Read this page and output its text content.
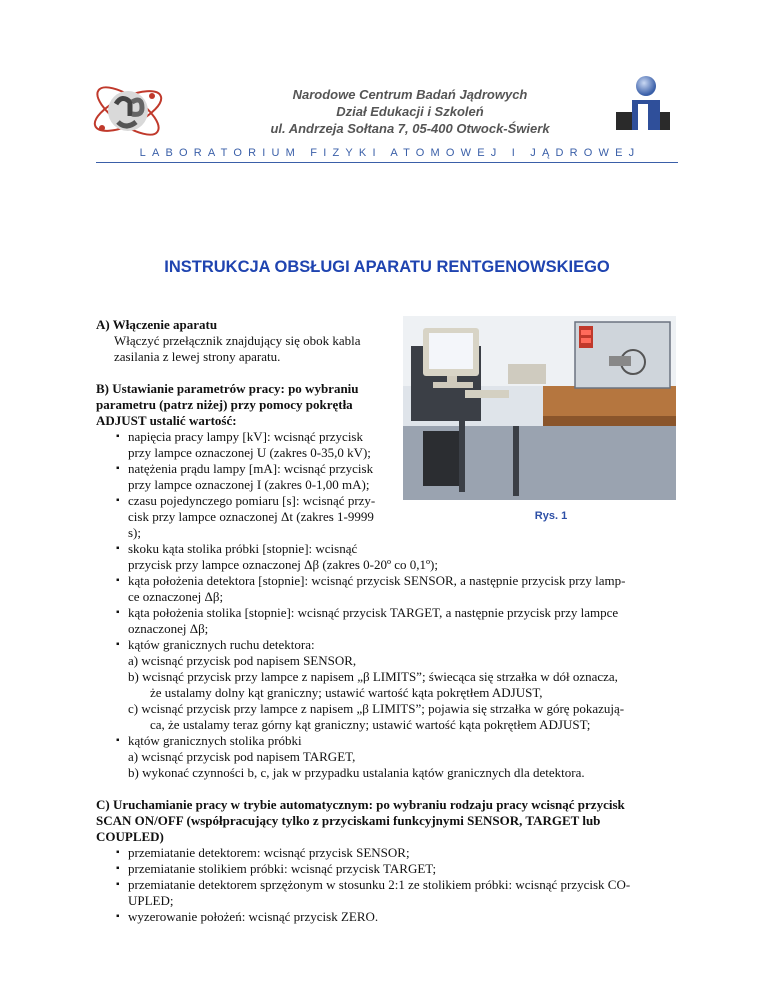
Narodowe Centrum Badań Jądrowych
Dział Edukacji i Szkoleń
ul. Andrzeja Sołtana 7, 05-400 Otwock-Świerk
LABORATORIUM FIZYKI ATOMOWEJ I JĄDROWEJ
INSTRUKCJA OBSŁUGI APARATU RENTGENOWSKIEGO
Rys. 1
A) Włączenie aparatu
Włączyć przełącznik znajdujący się obok kabla
zasilania z lewej strony aparatu.
B) Ustawianie parametrów pracy: po wybraniu
parametru (patrz niżej) przy pomocy pokrętła
ADJUST ustalić wartość:
▪ napięcia pracy lampy [kV]: wcisnąć przycisk
przy lampce oznaczonej U (zakres 0-35,0 kV);
▪ natężenia prądu lampy [mA]: wcisnąć przycisk
przy lampce oznaczonej I (zakres 0-1,00 mA);
▪ czasu pojedynczego pomiaru [s]: wcisnąć przy-
cisk przy lampce oznaczonej Δt (zakres 1-9999
s);
▪ skoku kąta stolika próbki [stopnie]: wcisnąć
przycisk przy lampce oznaczonej Δβ (zakres 0-20º co 0,1º);
▪ kąta położenia detektora [stopnie]: wcisnąć przycisk SENSOR, a następnie przycisk przy lamp-
ce oznaczonej Δβ;
▪ kąta położenia stolika [stopnie]: wcisnąć przycisk TARGET, a następnie przycisk przy lampce
oznaczonej Δβ;
▪ kątów granicznych ruchu detektora:
a) wcisnąć przycisk pod napisem SENSOR,
b) wcisnąć przycisk przy lampce z napisem „β LIMITS”; świecąca się strzałka w dół oznacza,
że ustalamy dolny kąt graniczny; ustawić wartość kąta pokrętłem ADJUST,
c) wcisnąć przycisk przy lampce z napisem „β LIMITS”; pojawia się strzałka w górę pokazują-
ca, że ustalamy teraz górny kąt graniczny; ustawić wartość kąta pokrętłem ADJUST;
▪ kątów granicznych stolika próbki
a) wcisnąć przycisk pod napisem TARGET,
b) wykonać czynności b, c, jak w przypadku ustalania kątów granicznych dla detektora.
C) Uruchamianie pracy w trybie automatycznym: po wybraniu rodzaju pracy wcisnąć przycisk
SCAN ON/OFF (współpracujący tylko z przyciskami funkcyjnymi SENSOR, TARGET lub
COUPLED)
▪ przemiatanie detektorem: wcisnąć przycisk SENSOR;
▪ przemiatanie stolikiem próbki: wcisnąć przycisk TARGET;
▪ przemiatanie detektorem sprzężonym w stosunku 2:1 ze stolikiem próbki: wcisnąć przycisk CO-
UPLED;
▪ wyzerowanie położeń: wcisnąć przycisk ZERO.
